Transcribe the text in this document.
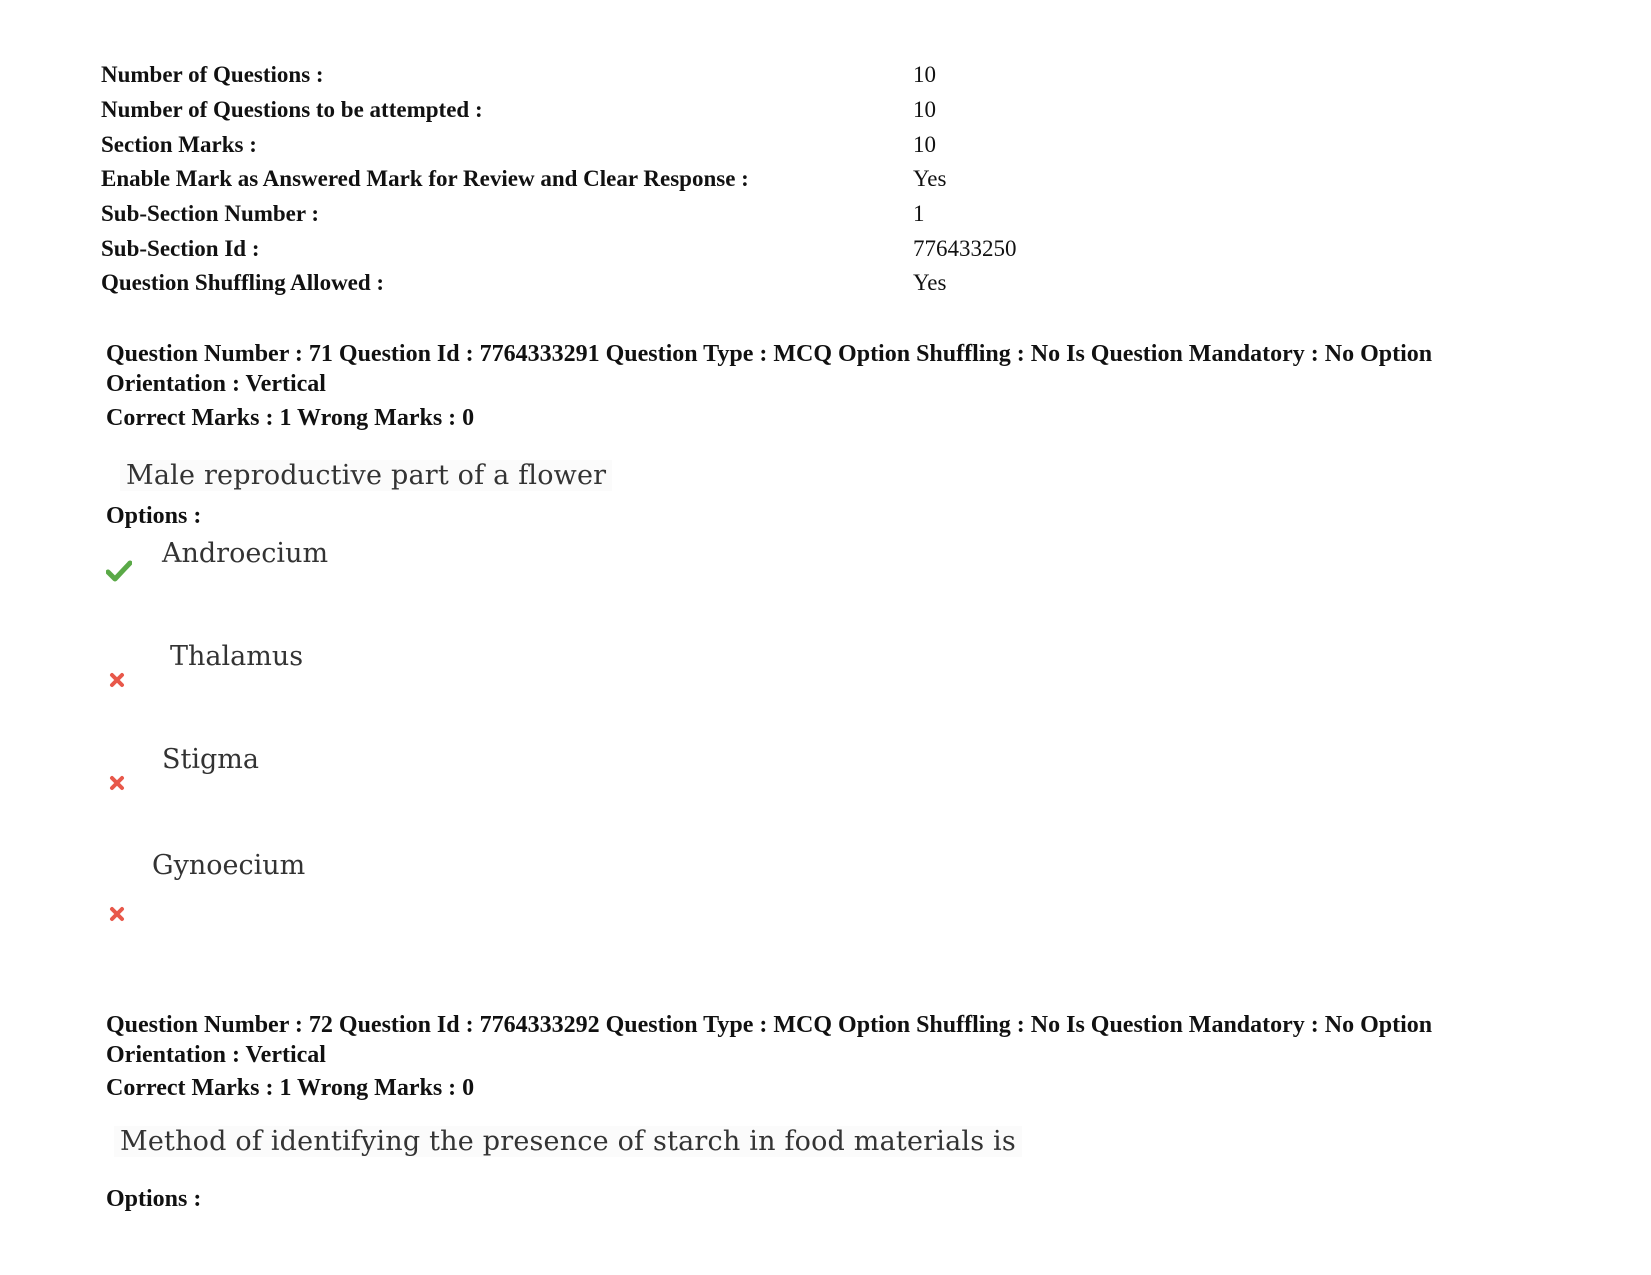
Number of Questions :	10
Number of Questions to be attempted :	10
Section Marks :	10
Enable Mark as Answered Mark for Review and Clear Response :	Yes
Sub-Section Number :	1
Sub-Section Id :	776433250
Question Shuffling Allowed :	Yes
Question Number : 71 Question Id : 7764333291 Question Type : MCQ Option Shuffling : No Is Question Mandatory : No Option
Orientation : Vertical
Correct Marks : 1 Wrong Marks : 0
Male reproductive part of a flower
Options :
Androecium
Thalamus
Stigma
Gynoecium
Question Number : 72 Question Id : 7764333292 Question Type : MCQ Option Shuffling : No Is Question Mandatory : No Option
Orientation : Vertical
Correct Marks : 1 Wrong Marks : 0
Method of identifying the presence of starch in food materials is
Options :
